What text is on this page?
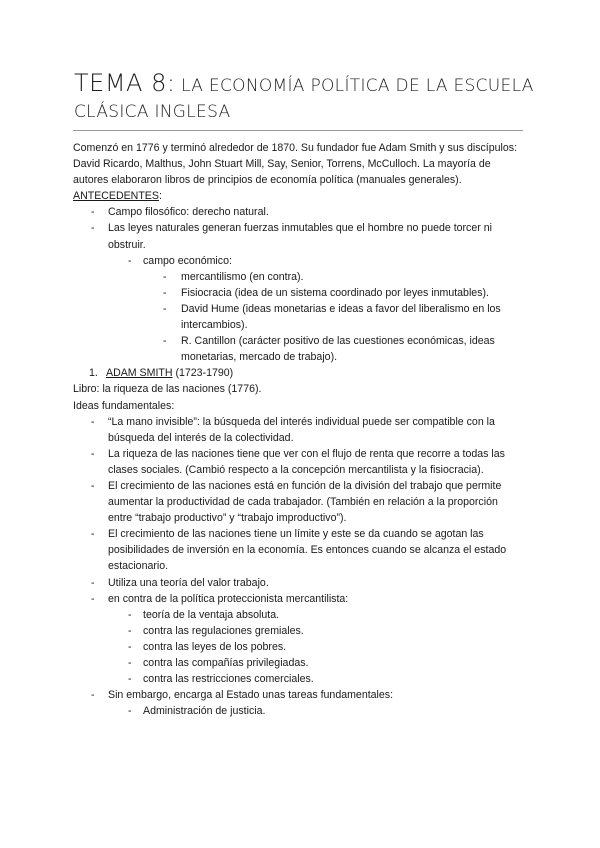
TEMA 8: LA ECONOMÍA POLÍTICA DE LA ESCUELA CLÁSICA INGLESA

Comenzó en 1776 y terminó alrededor de 1870. Su fundador fue Adam Smith y sus discípulos: David Ricardo, Malthus, John Stuart Mill, Say, Senior, Torrens, McCulloch. La mayoría de autores elaboraron libros de principios de economía política (manuales generales).

ANTECEDENTES:

- Campo filosófico: derecho natural.
- Las leyes naturales generan fuerzas inmutables que el hombre no puede torcer ni obstruir.
- campo económico:
- mercantilismo (en contra).
- Fisiocracia (idea de un sistema coordinado por leyes inmutables).
- David Hume (ideas monetarias e ideas a favor del liberalismo en los intercambios).
- R. Cantillon (carácter positivo de las cuestiones económicas, ideas monetarias, mercado de trabajo).
1. ADAM SMITH (1723-1790)

Libro: la riqueza de las naciones (1776).

Ideas fundamentales:

- “La mano invisible”: la búsqueda del interés individual puede ser compatible con la búsqueda del interés de la colectividad.
- La riqueza de las naciones tiene que ver con el flujo de renta que recorre a todas las clases sociales. (Cambió respecto a la concepción mercantilista y la fisiocracia).
- El crecimiento de las naciones está en función de la división del trabajo que permite aumentar la productividad de cada trabajador. (También en relación a la proporción entre “trabajo productivo” y “trabajo improductivo”).
- El crecimiento de las naciones tiene un límite y este se da cuando se agotan las posibilidades de inversión en la economía. Es entonces cuando se alcanza el estado estacionario.
- Utiliza una teoría del valor trabajo.
- en contra de la política proteccionista mercantilista:
- teoría de la ventaja absoluta.
- contra las regulaciones gremiales.
- contra las leyes de los pobres.
- contra las compañías privilegiadas.
- contra las restricciones comerciales.
- Sin embargo, encarga al Estado unas tareas fundamentales:
- Administración de justicia.
